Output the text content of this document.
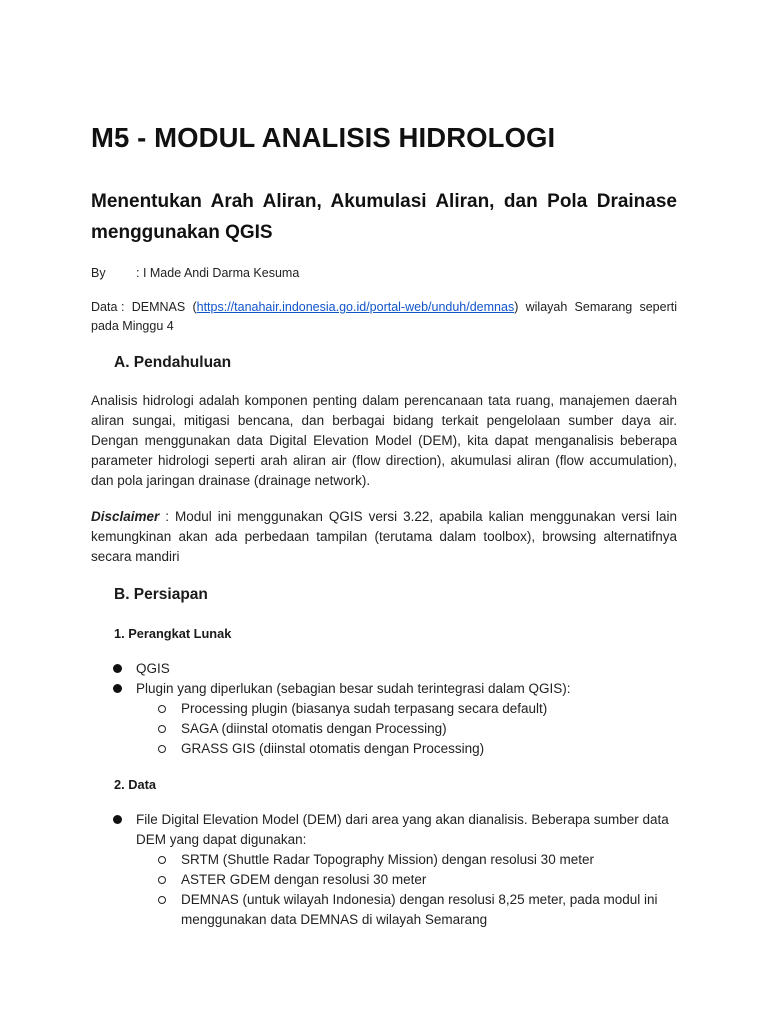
M5 - MODUL ANALISIS HIDROLOGI
Menentukan Arah Aliran, Akumulasi Aliran, dan Pola Drainase menggunakan QGIS
By : I Made Andi Darma Kesuma
Data : DEMNAS (https://tanahair.indonesia.go.id/portal-web/unduh/demnas) wilayah Semarang seperti pada Minggu 4
A. Pendahuluan

Analisis hidrologi adalah komponen penting dalam perencanaan tata ruang, manajemen daerah aliran sungai, mitigasi bencana, dan berbagai bidang terkait pengelolaan sumber daya air. Dengan menggunakan data Digital Elevation Model (DEM), kita dapat menganalisis beberapa parameter hidrologi seperti arah aliran air (flow direction), akumulasi aliran (flow accumulation), dan pola jaringan drainase (drainage network).

Disclaimer : Modul ini menggunakan QGIS versi 3.22, apabila kalian menggunakan versi lain kemungkinan akan ada perbedaan tampilan (terutama dalam toolbox), browsing alternatifnya secara mandiri

B. Persiapan
1. Perangkat Lunak
QGIS
Plugin yang diperlukan (sebagian besar sudah terintegrasi dalam QGIS):
Processing plugin (biasanya sudah terpasang secara default)
SAGA (diinstal otomatis dengan Processing)
GRASS GIS (diinstal otomatis dengan Processing)
2. Data
File Digital Elevation Model (DEM) dari area yang akan dianalisis. Beberapa sumber data DEM yang dapat digunakan:
SRTM (Shuttle Radar Topography Mission) dengan resolusi 30 meter
ASTER GDEM dengan resolusi 30 meter
DEMNAS (untuk wilayah Indonesia) dengan resolusi 8,25 meter, pada modul ini menggunakan data DEMNAS di wilayah Semarang
